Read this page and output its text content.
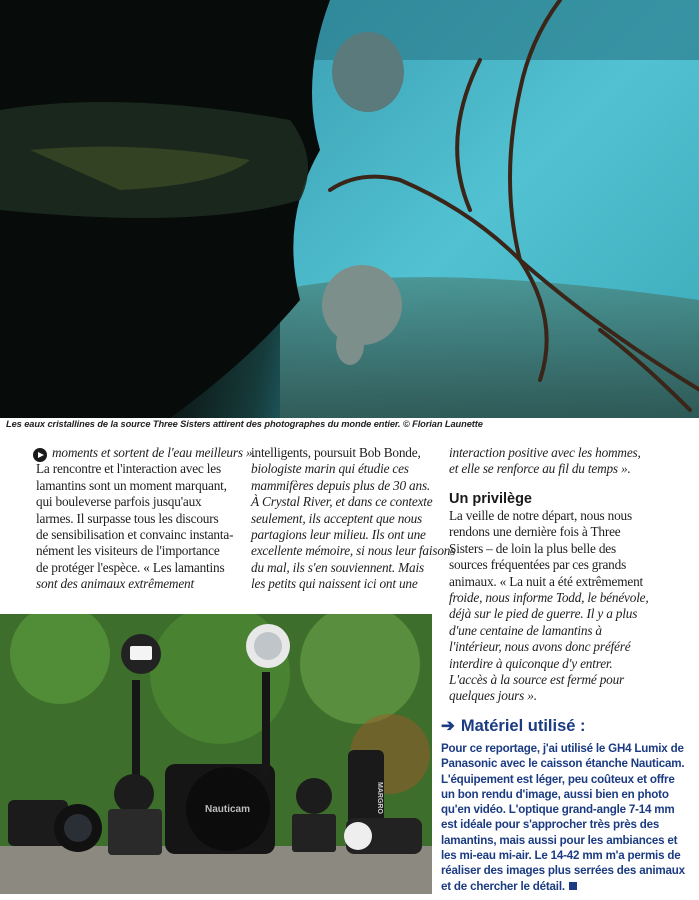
Les eaux cristallines de la source Three Sisters attirent des photographes du monde entier. © Florian Launette
moments et sortent de l'eau meilleurs ».
La rencontre et l'interaction avec les
lamantins sont un moment marquant,
qui bouleverse parfois jusqu'aux
larmes. Il surpasse tous les discours
de sensibilisation et convainc instanta-
nément les visiteurs de l'importance
de protéger l'espèce. « Les lamantins
sont des animaux extrêmement
intelligents, poursuit Bob Bonde,
biologiste marin qui étudie ces
mammifères depuis plus de 30 ans.
À Crystal River, et dans ce contexte
seulement, ils acceptent que nous
partagions leur milieu. Ils ont une
excellente mémoire, si nous leur faisons
du mal, ils s'en souviennent. Mais
les petits qui naissent ici ont une
interaction positive avec les hommes,
et elle se renforce au fil du temps ».
Un privilège
La veille de notre départ, nous nous
rendons une dernière fois à Three
Sisters – de loin la plus belle des
sources fréquentées par ces grands
animaux. « La nuit a été extrêmement
froide, nous informe Todd, le bénévole,
déjà sur le pied de guerre. Il y a plus
d'une centaine de lamantins à
l'intérieur, nous avons donc préféré
interdire à quiconque d'y entrer.
L'accès à la source est fermé pour
quelques jours ».
Nauticam	MARGRO
➔ Matériel utilisé :
Pour ce reportage, j'ai utilisé le GH4 Lumix de
Panasonic avec le caisson étanche Nauticam.
L'équipement est léger, peu coûteux et offre
un bon rendu d'image, aussi bien en photo
qu'en vidéo. L'optique grand-angle 7-14 mm
est idéale pour s'approcher très près des
lamantins, mais aussi pour les ambiances et
les mi-eau mi-air. Le 14-42 mm m'a permis de
réaliser des images plus serrées des animaux
et de chercher le détail.
